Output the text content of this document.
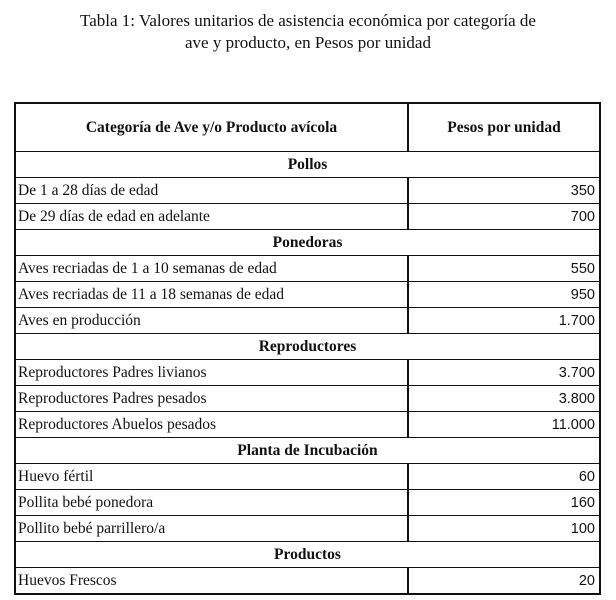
Tabla 1: Valores unitarios de asistencia económica por categoría de
ave y producto, en Pesos por unidad
Categoría de Ave y/o Producto avícola	Pesos por unidad
Pollos
De 1 a 28 días de edad	350
De 29 días de edad en adelante	700
Ponedoras
Aves recriadas de 1 a 10 semanas de edad	550
Aves recriadas de 11 a 18 semanas de edad	950
Aves en producción	1.700
Reproductores
Reproductores Padres livianos	3.700
Reproductores Padres pesados	3.800
Reproductores Abuelos pesados	11.000
Planta de Incubación
Huevo fértil	60
Pollita bebé ponedora	160
Pollito bebé parrillero/a	100
Productos
Huevos Frescos	20
